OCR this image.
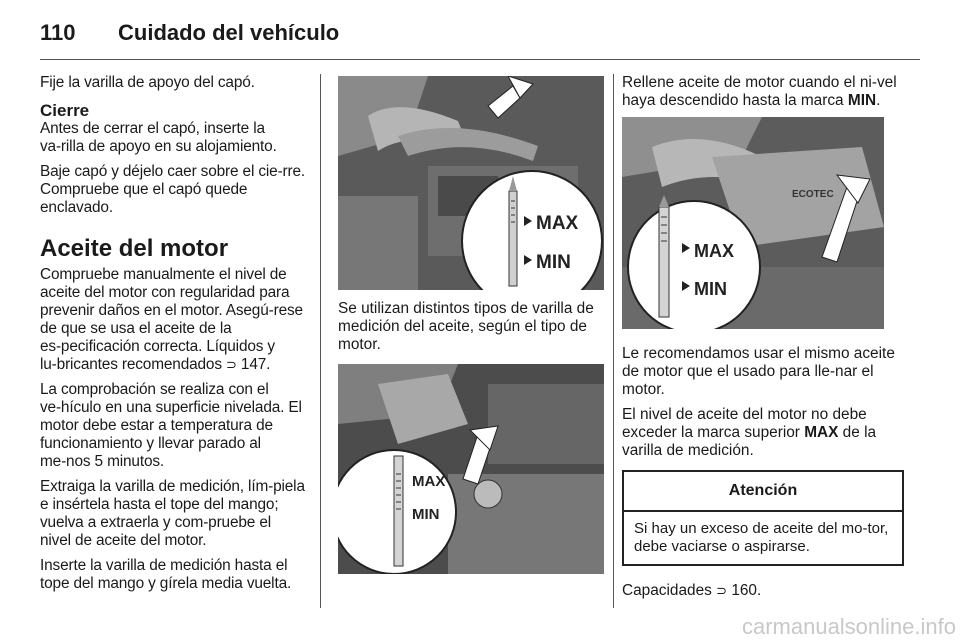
110 Cuidado del vehículo

Fije la varilla de apoyo del capó.

Cierre

Antes de cerrar el capó, inserte la va‑rilla de apoyo en su alojamiento.

Baje capó y déjelo caer sobre el cie‑rre. Compruebe que el capó quede enclavado.

Aceite del motor

Compruebe manualmente el nivel de aceite del motor con regularidad para prevenir daños en el motor. Asegú‑rese de que se usa el aceite de la es‑pecificación correcta. Líquidos y lu‑bricantes recomendados ⊃ 147.

La comprobación se realiza con el ve‑hículo en una superficie nivelada. El motor debe estar a temperatura de funcionamiento y llevar parado al me‑nos 5 minutos.

Extraiga la varilla de medición, lím‑piela e insértela hasta el tope del mango; vuelva a extraerla y com‑pruebe el nivel de aceite del motor.

Inserte la varilla de medición hasta el tope del mango y gírela media vuelta.

MAX
MIN

Se utilizan distintos tipos de varilla de medición del aceite, según el tipo de motor.

MAX
MIN

Rellene aceite de motor cuando el ni‑vel haya descendido hasta la marca MIN.

ECOTEC
MAX
MIN

Le recomendamos usar el mismo aceite de motor que el usado para lle‑nar el motor.

El nivel de aceite del motor no debe exceder la marca superior MAX de la varilla de medición.

Atención
Si hay un exceso de aceite del mo‑tor, debe vaciarse o aspirarse.

Capacidades ⊃ 160.

carmanualsonline.info
